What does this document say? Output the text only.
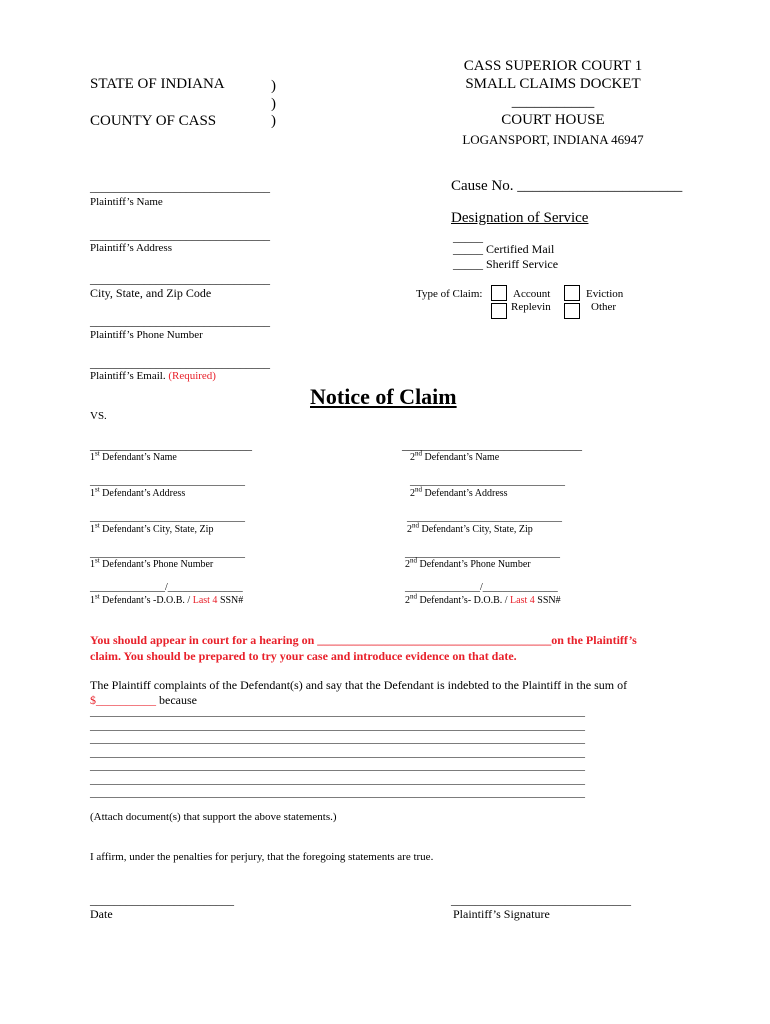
STATE OF INDIANA
COUNTY OF CASS
)
)
)
CASS SUPERIOR COURT 1
SMALL CLAIMS DOCKET
___________
COURT HOUSE
LOGANSPORT, INDIANA 46947
______________________________
Plaintiff’s Name
______________________________
Plaintiff’s Address
______________________________
City, State, and Zip Code
______________________________
Plaintiff’s Phone Number
______________________________
Plaintiff’s Email. (Required)
Cause No. ______________________
Designation of Service
_____
_____ Certified Mail
_____ Sheriff Service
Type of Claim:	Account	Eviction
Replevin	Other
Notice of Claim
VS.
___________________________
1st Defendant’s Name
_______________________________
1st Defendant’s Address
_______________________________
1st Defendant’s City, State, Zip
_______________________________
1st Defendant’s Phone Number
_______________/_______________
1st Defendant’s -D.O.B. / Last 4 SSN#
______________________________
2nd Defendant’s Name
_______________________________
2nd Defendant’s Address
_______________________________
2nd Defendant’s City, State, Zip
_______________________________
2nd Defendant’s Phone Number
_______________/_______________
2nd Defendant’s- D.O.B. / Last 4 SSN#
You should appear in court for a hearing on _______________________________________on the Plaintiff’s
claim. You should be prepared to try your case and introduce evidence on that date.
The Plaintiff complaints of the Defendant(s) and say that the Defendant is indebted to the Plaintiff in the sum of
$__________ because
__________________________________________________________________________________________
__________________________________________________________________________________________
__________________________________________________________________________________________
__________________________________________________________________________________________
__________________________________________________________________________________________
__________________________________________________________________________________________
__________________________________________________________________________________________
(Attach document(s) that support the above statements.)
I affirm, under the penalties for perjury, that the foregoing statements are true.
________________________
Date
______________________________
Plaintiff’s Signature
